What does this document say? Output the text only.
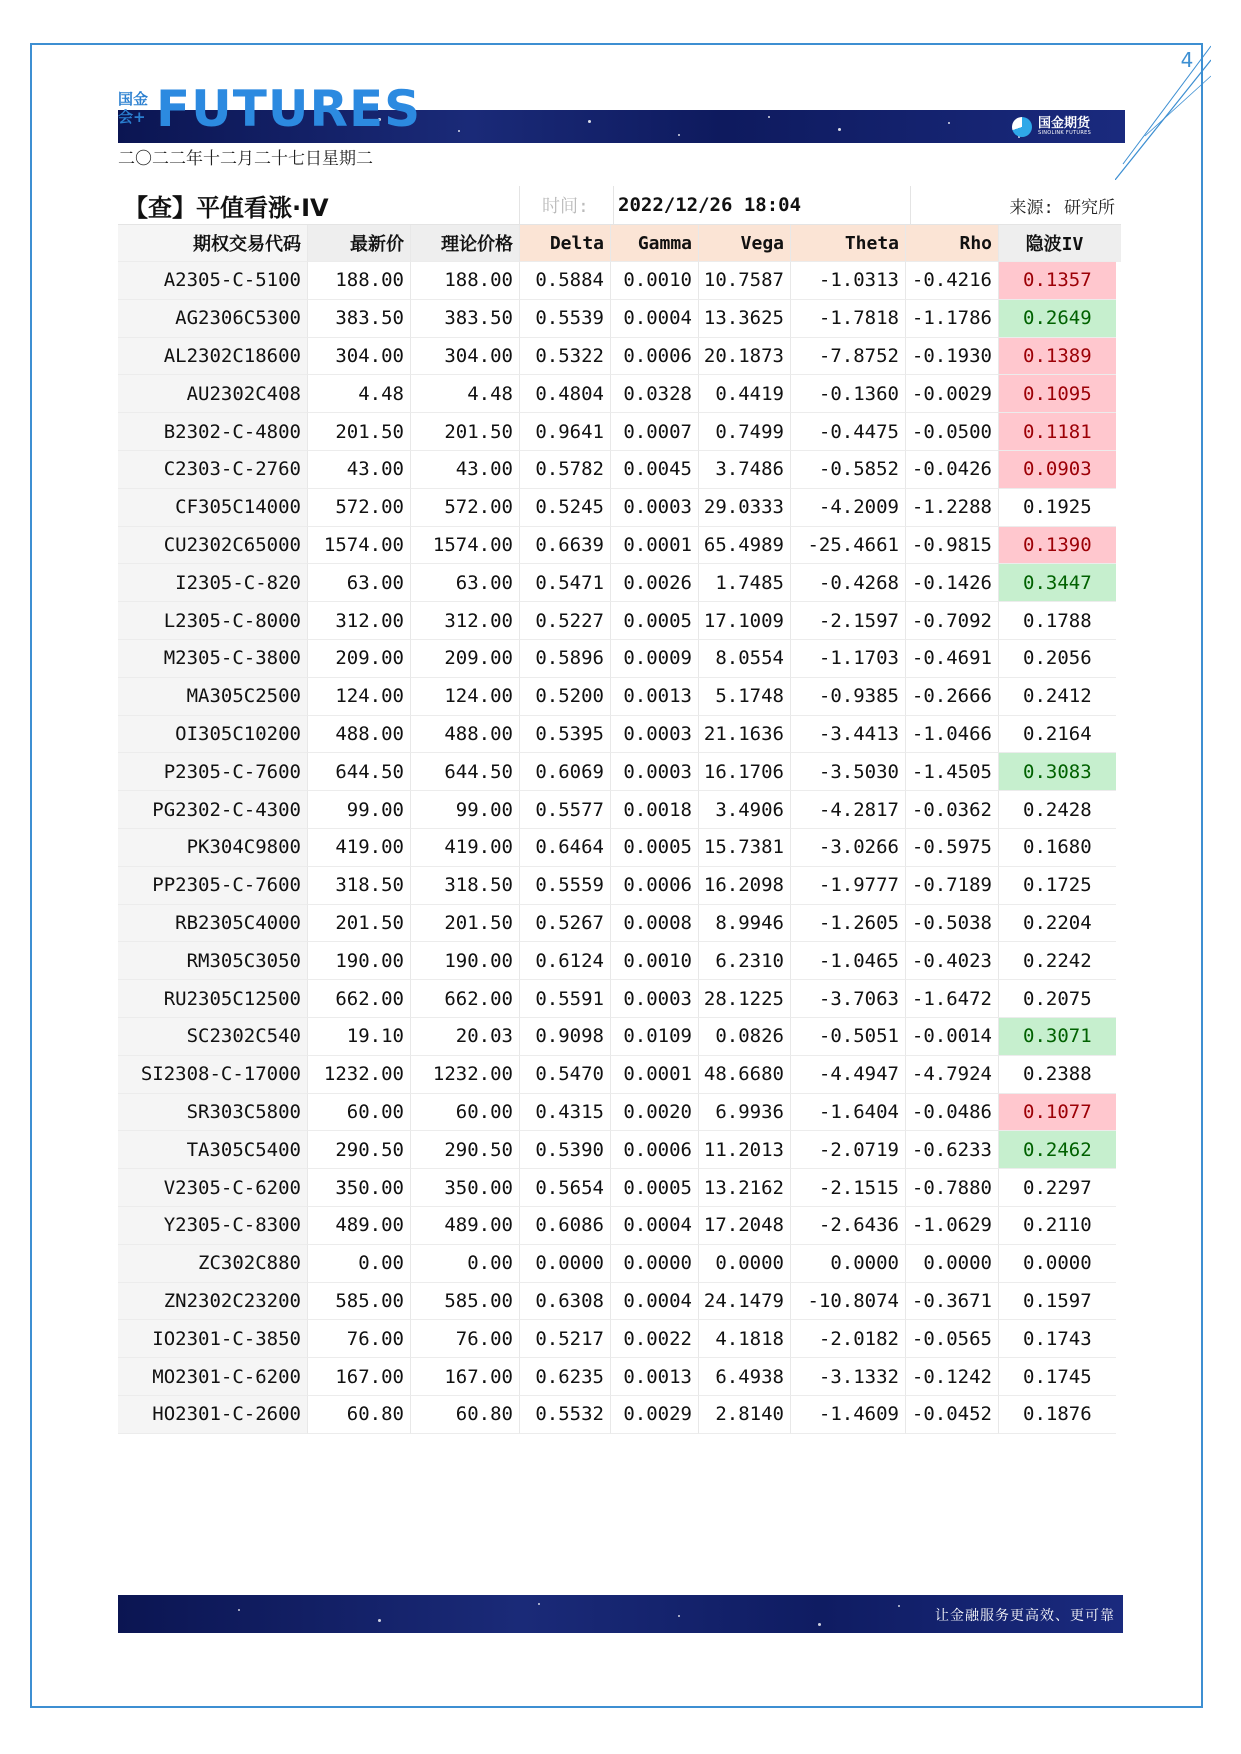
4
国金
会+ FUTURES	国金期货
SINOLINK FUTURES
二〇二二年十二月二十七日星期二
【查】平值看涨·IV	时间:	2022/12/26 18:04	来源: 研究所
期权交易代码	最新价	理论价格	Delta	Gamma	Vega	Theta	Rho	隐波IV
A2305-C-5100	188.00	188.00	0.5884	0.0010 10.7587	-1.0313 -0.4216	0.1357
AG2306C5300	383.50	383.50	0.5539	0.0004 13.3625	-1.7818 -1.1786	0.2649
AL2302C18600	304.00	304.00	0.5322	0.0006 20.1873	-7.8752 -0.1930	0.1389
AU2302C408	4.48	4.48	0.4804	0.0328	0.4419	-0.1360 -0.0029	0.1095
B2302-C-4800	201.50	201.50	0.9641	0.0007	0.7499	-0.4475 -0.0500	0.1181
C2303-C-2760	43.00	43.00	0.5782	0.0045	3.7486	-0.5852 -0.0426	0.0903
CF305C14000	572.00	572.00	0.5245	0.0003 29.0333	-4.2009 -1.2288	0.1925
CU2302C65000	1574.00	1574.00	0.6639	0.0001 65.4989	-25.4661 -0.9815	0.1390
I2305-C-820	63.00	63.00	0.5471	0.0026	1.7485	-0.4268 -0.1426	0.3447
L2305-C-8000	312.00	312.00	0.5227	0.0005 17.1009	-2.1597 -0.7092	0.1788
M2305-C-3800	209.00	209.00	0.5896	0.0009	8.0554	-1.1703 -0.4691	0.2056
MA305C2500	124.00	124.00	0.5200	0.0013	5.1748	-0.9385 -0.2666	0.2412
OI305C10200	488.00	488.00	0.5395	0.0003 21.1636	-3.4413 -1.0466	0.2164
P2305-C-7600	644.50	644.50	0.6069	0.0003 16.1706	-3.5030 -1.4505	0.3083
PG2302-C-4300	99.00	99.00	0.5577	0.0018	3.4906	-4.2817 -0.0362	0.2428
PK304C9800	419.00	419.00	0.6464	0.0005 15.7381	-3.0266 -0.5975	0.1680
PP2305-C-7600	318.50	318.50	0.5559	0.0006 16.2098	-1.9777 -0.7189	0.1725
RB2305C4000	201.50	201.50	0.5267	0.0008	8.9946	-1.2605 -0.5038	0.2204
RM305C3050	190.00	190.00	0.6124	0.0010	6.2310	-1.0465 -0.4023	0.2242
RU2305C12500	662.00	662.00	0.5591	0.0003 28.1225	-3.7063 -1.6472	0.2075
SC2302C540	19.10	20.03	0.9098	0.0109	0.0826	-0.5051 -0.0014	0.3071
SI2308-C-17000	1232.00	1232.00	0.5470	0.0001 48.6680	-4.4947 -4.7924	0.2388
SR303C5800	60.00	60.00	0.4315	0.0020	6.9936	-1.6404 -0.0486	0.1077
TA305C5400	290.50	290.50	0.5390	0.0006 11.2013	-2.0719 -0.6233	0.2462
V2305-C-6200	350.00	350.00	0.5654	0.0005 13.2162	-2.1515 -0.7880	0.2297
Y2305-C-8300	489.00	489.00	0.6086	0.0004 17.2048	-2.6436 -1.0629	0.2110
ZC302C880	0.00	0.00	0.0000	0.0000	0.0000	0.0000	0.0000	0.0000
ZN2302C23200	585.00	585.00	0.6308	0.0004 24.1479	-10.8074 -0.3671	0.1597
IO2301-C-3850	76.00	76.00	0.5217	0.0022	4.1818	-2.0182 -0.0565	0.1743
MO2301-C-6200	167.00	167.00	0.6235	0.0013	6.4938	-3.1332 -0.1242	0.1745
HO2301-C-2600	60.80	60.80	0.5532	0.0029	2.8140	-1.4609 -0.0452	0.1876
让金融服务更高效、更可靠
